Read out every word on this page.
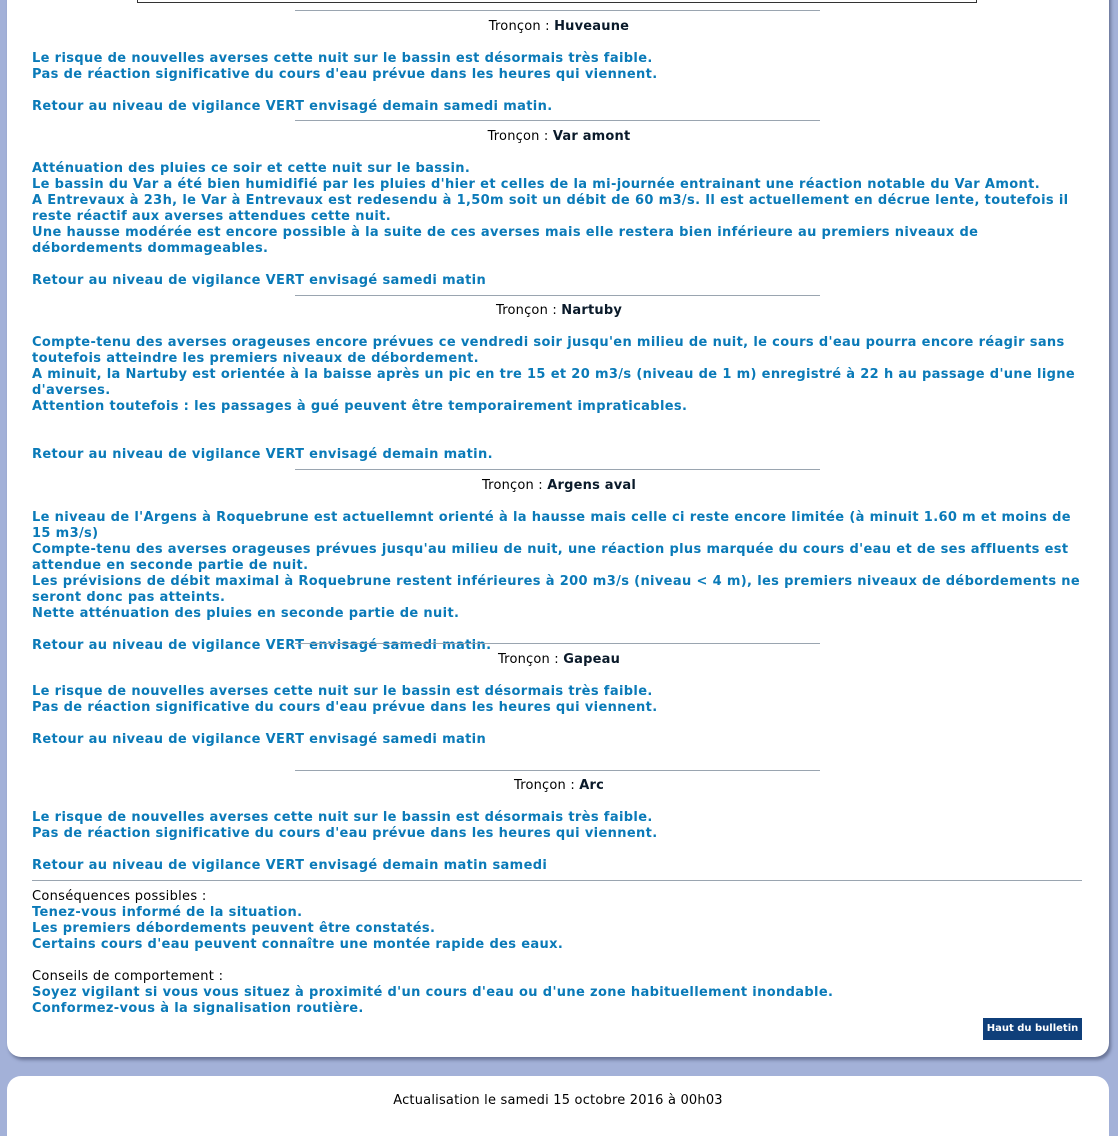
Tronçon : Huveaune
Le risque de nouvelles averses cette nuit sur le bassin est désormais très faible.
Pas de réaction significative du cours d'eau prévue dans les heures qui viennent.
Retour au niveau de vigilance VERT envisagé demain samedi matin.
Tronçon : Var amont
Atténuation des pluies ce soir et cette nuit sur le bassin.
Le bassin du Var a été bien humidifié par les pluies d'hier et celles de la mi-journée entrainant une réaction notable du Var Amont.
A Entrevaux à 23h, le Var à Entrevaux est redesendu à 1,50m soit un débit de 60 m3/s. Il est actuellement en décrue lente, toutefois il reste réactif aux averses attendues cette nuit.
Une hausse modérée est encore possible à la suite de ces averses mais elle restera bien inférieure au premiers niveaux de débordements dommageables.
Retour au niveau de vigilance VERT envisagé samedi matin
Tronçon : Nartuby
Compte-tenu des averses orageuses encore prévues ce vendredi soir jusqu'en milieu de nuit, le cours d'eau pourra encore réagir sans toutefois atteindre les premiers niveaux de débordement.
A minuit, la Nartuby est orientée à la baisse après un pic en tre 15 et 20 m3/s (niveau de 1 m) enregistré à 22 h au passage d'une ligne d'averses.
Attention toutefois : les passages à gué peuvent être temporairement impraticables.
Retour au niveau de vigilance VERT envisagé demain matin.
Tronçon : Argens aval
Le niveau de l'Argens à Roquebrune est actuellemnt orienté à la hausse mais celle ci reste encore limitée (à minuit 1.60 m et moins de 15 m3/s)
Compte-tenu des averses orageuses prévues jusqu'au milieu de nuit, une réaction plus marquée du cours d'eau et de ses affluents est attendue en seconde partie de nuit.
Les prévisions de débit maximal à Roquebrune restent inférieures à 200 m3/s (niveau < 4 m), les premiers niveaux de débordements ne seront donc pas atteints.
Nette atténuation des pluies en seconde partie de nuit.
Retour au niveau de vigilance VERT envisagé samedi matin.
Tronçon : Gapeau
Le risque de nouvelles averses cette nuit sur le bassin est désormais très faible.
Pas de réaction significative du cours d'eau prévue dans les heures qui viennent.
Retour au niveau de vigilance VERT envisagé samedi matin
Tronçon : Arc
Le risque de nouvelles averses cette nuit sur le bassin est désormais très faible.
Pas de réaction significative du cours d'eau prévue dans les heures qui viennent.
Retour au niveau de vigilance VERT envisagé demain matin samedi
Conséquences possibles :
Tenez-vous informé de la situation.
Les premiers débordements peuvent être constatés.
Certains cours d'eau peuvent connaître une montée rapide des eaux.
Conseils de comportement :
Soyez vigilant si vous vous situez à proximité d'un cours d'eau ou d'une zone habituellement inondable.
Conformez-vous à la signalisation routière.
Haut du bulletin
Actualisation le samedi 15 octobre 2016 à 00h03
